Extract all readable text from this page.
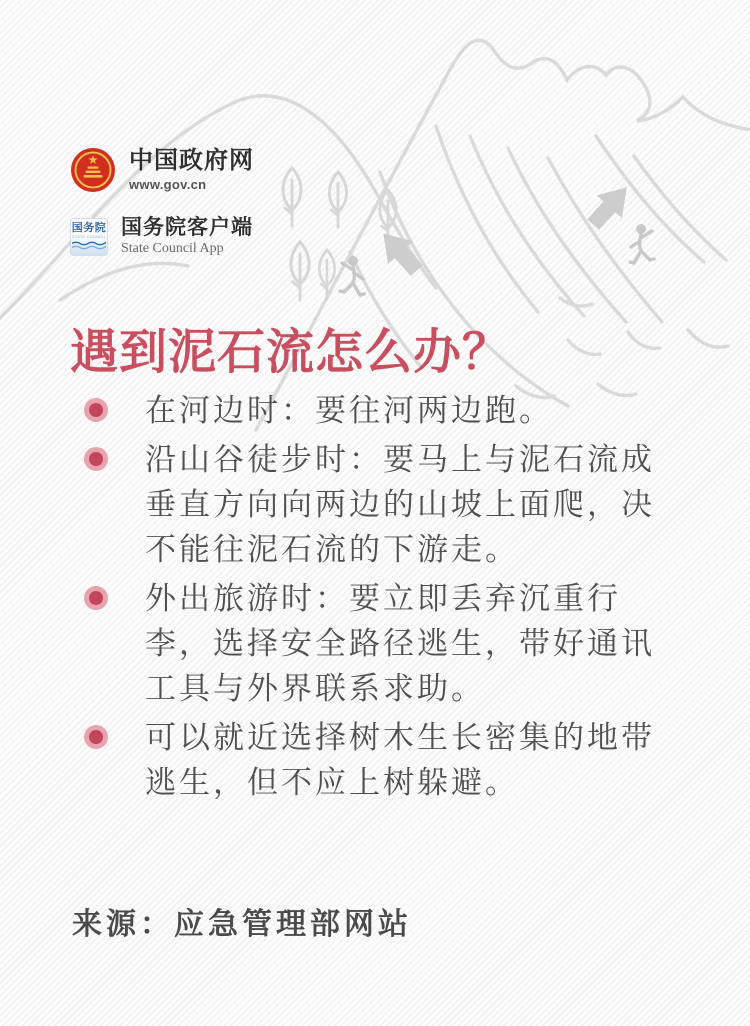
中国政府网
www.gov.cn
国务院
STATE COUNCIL 国务院客户端
State Council App
遇到泥石流怎么办？

在河边时：要往河两边跑。

沿山谷徒步时：要马上与泥石流成垂直方向向两边的山坡上面爬，决不能往泥石流的下游走。

外出旅游时：要立即丢弃沉重行李，选择安全路径逃生，带好通讯工具与外界联系求助。

可以就近选择树木生长密集的地带逃生，但不应上树躲避。

来源：应急管理部网站
